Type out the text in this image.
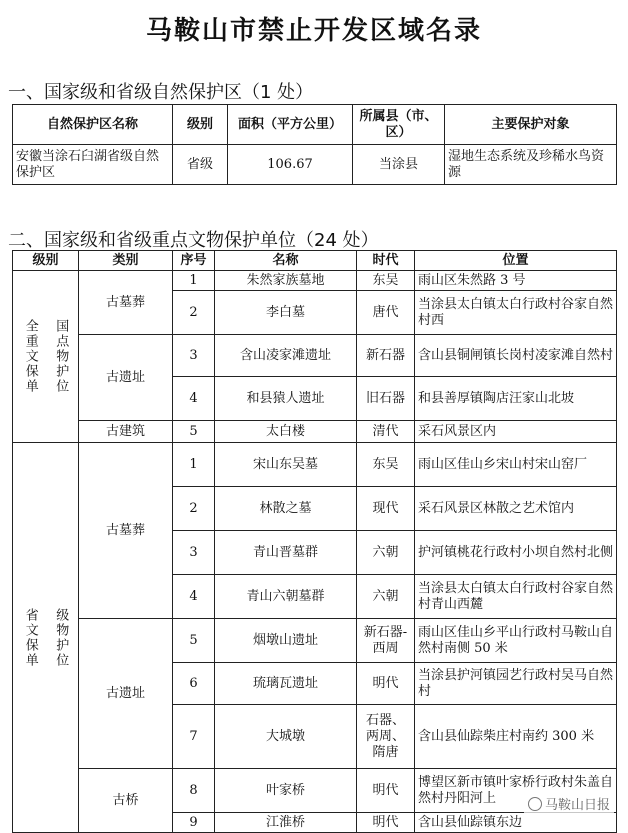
马鞍山市禁止开发区域名录
一、国家级和省级自然保护区（1 处）
自然保护区名称	级别	面积（平方公里）	所属县（市、区）	主要保护对象
安徽当涂石臼湖省级自然保护区	省级	106.67	当涂县	湿地生态系统及珍稀水鸟资源
二、国家级和省级重点文物保护单位（24 处）
级别	类别	序号	名称	时代	位置

全重文保单 国点物护位	古墓葬	1	朱然家族墓地	东吴	雨山区朱然路 3 号
		2	李白墓	唐代	当涂县太白镇太白行政村谷家自然村西
	古遗址	3	含山凌家滩遗址	新石器	含山县铜闸镇长岗村凌家滩自然村
		4	和县猿人遗址	旧石器	和县善厚镇陶店汪家山北坡
	古建筑	5	太白楼	清代	采石风景区内

省文保单 级物护位	古墓葬	1	宋山东吴墓	东吴	雨山区佳山乡宋山村宋山窑厂
		2	林散之墓	现代	采石风景区林散之艺术馆内
		3	青山晋墓群	六朝	护河镇桃花行政村小坝自然村北侧
		4	青山六朝墓群	六朝	当涂县太白镇太白行政村谷家自然村青山西麓
	古遗址	5	烟墩山遗址	新石器-西周	雨山区佳山乡平山行政村马鞍山自然村南侧 50 米
		6	琉璃瓦遗址	明代	当涂县护河镇园艺行政村吴马自然村
		7	大城墩	石器、两周、隋唐	含山县仙踪柴庄村南约 300 米
	古桥	8	叶家桥	明代	博望区新市镇叶家桥行政村朱盖自然村丹阳河上
		9	江淮桥	明代	含山县仙踪镇东边
马鞍山日报
